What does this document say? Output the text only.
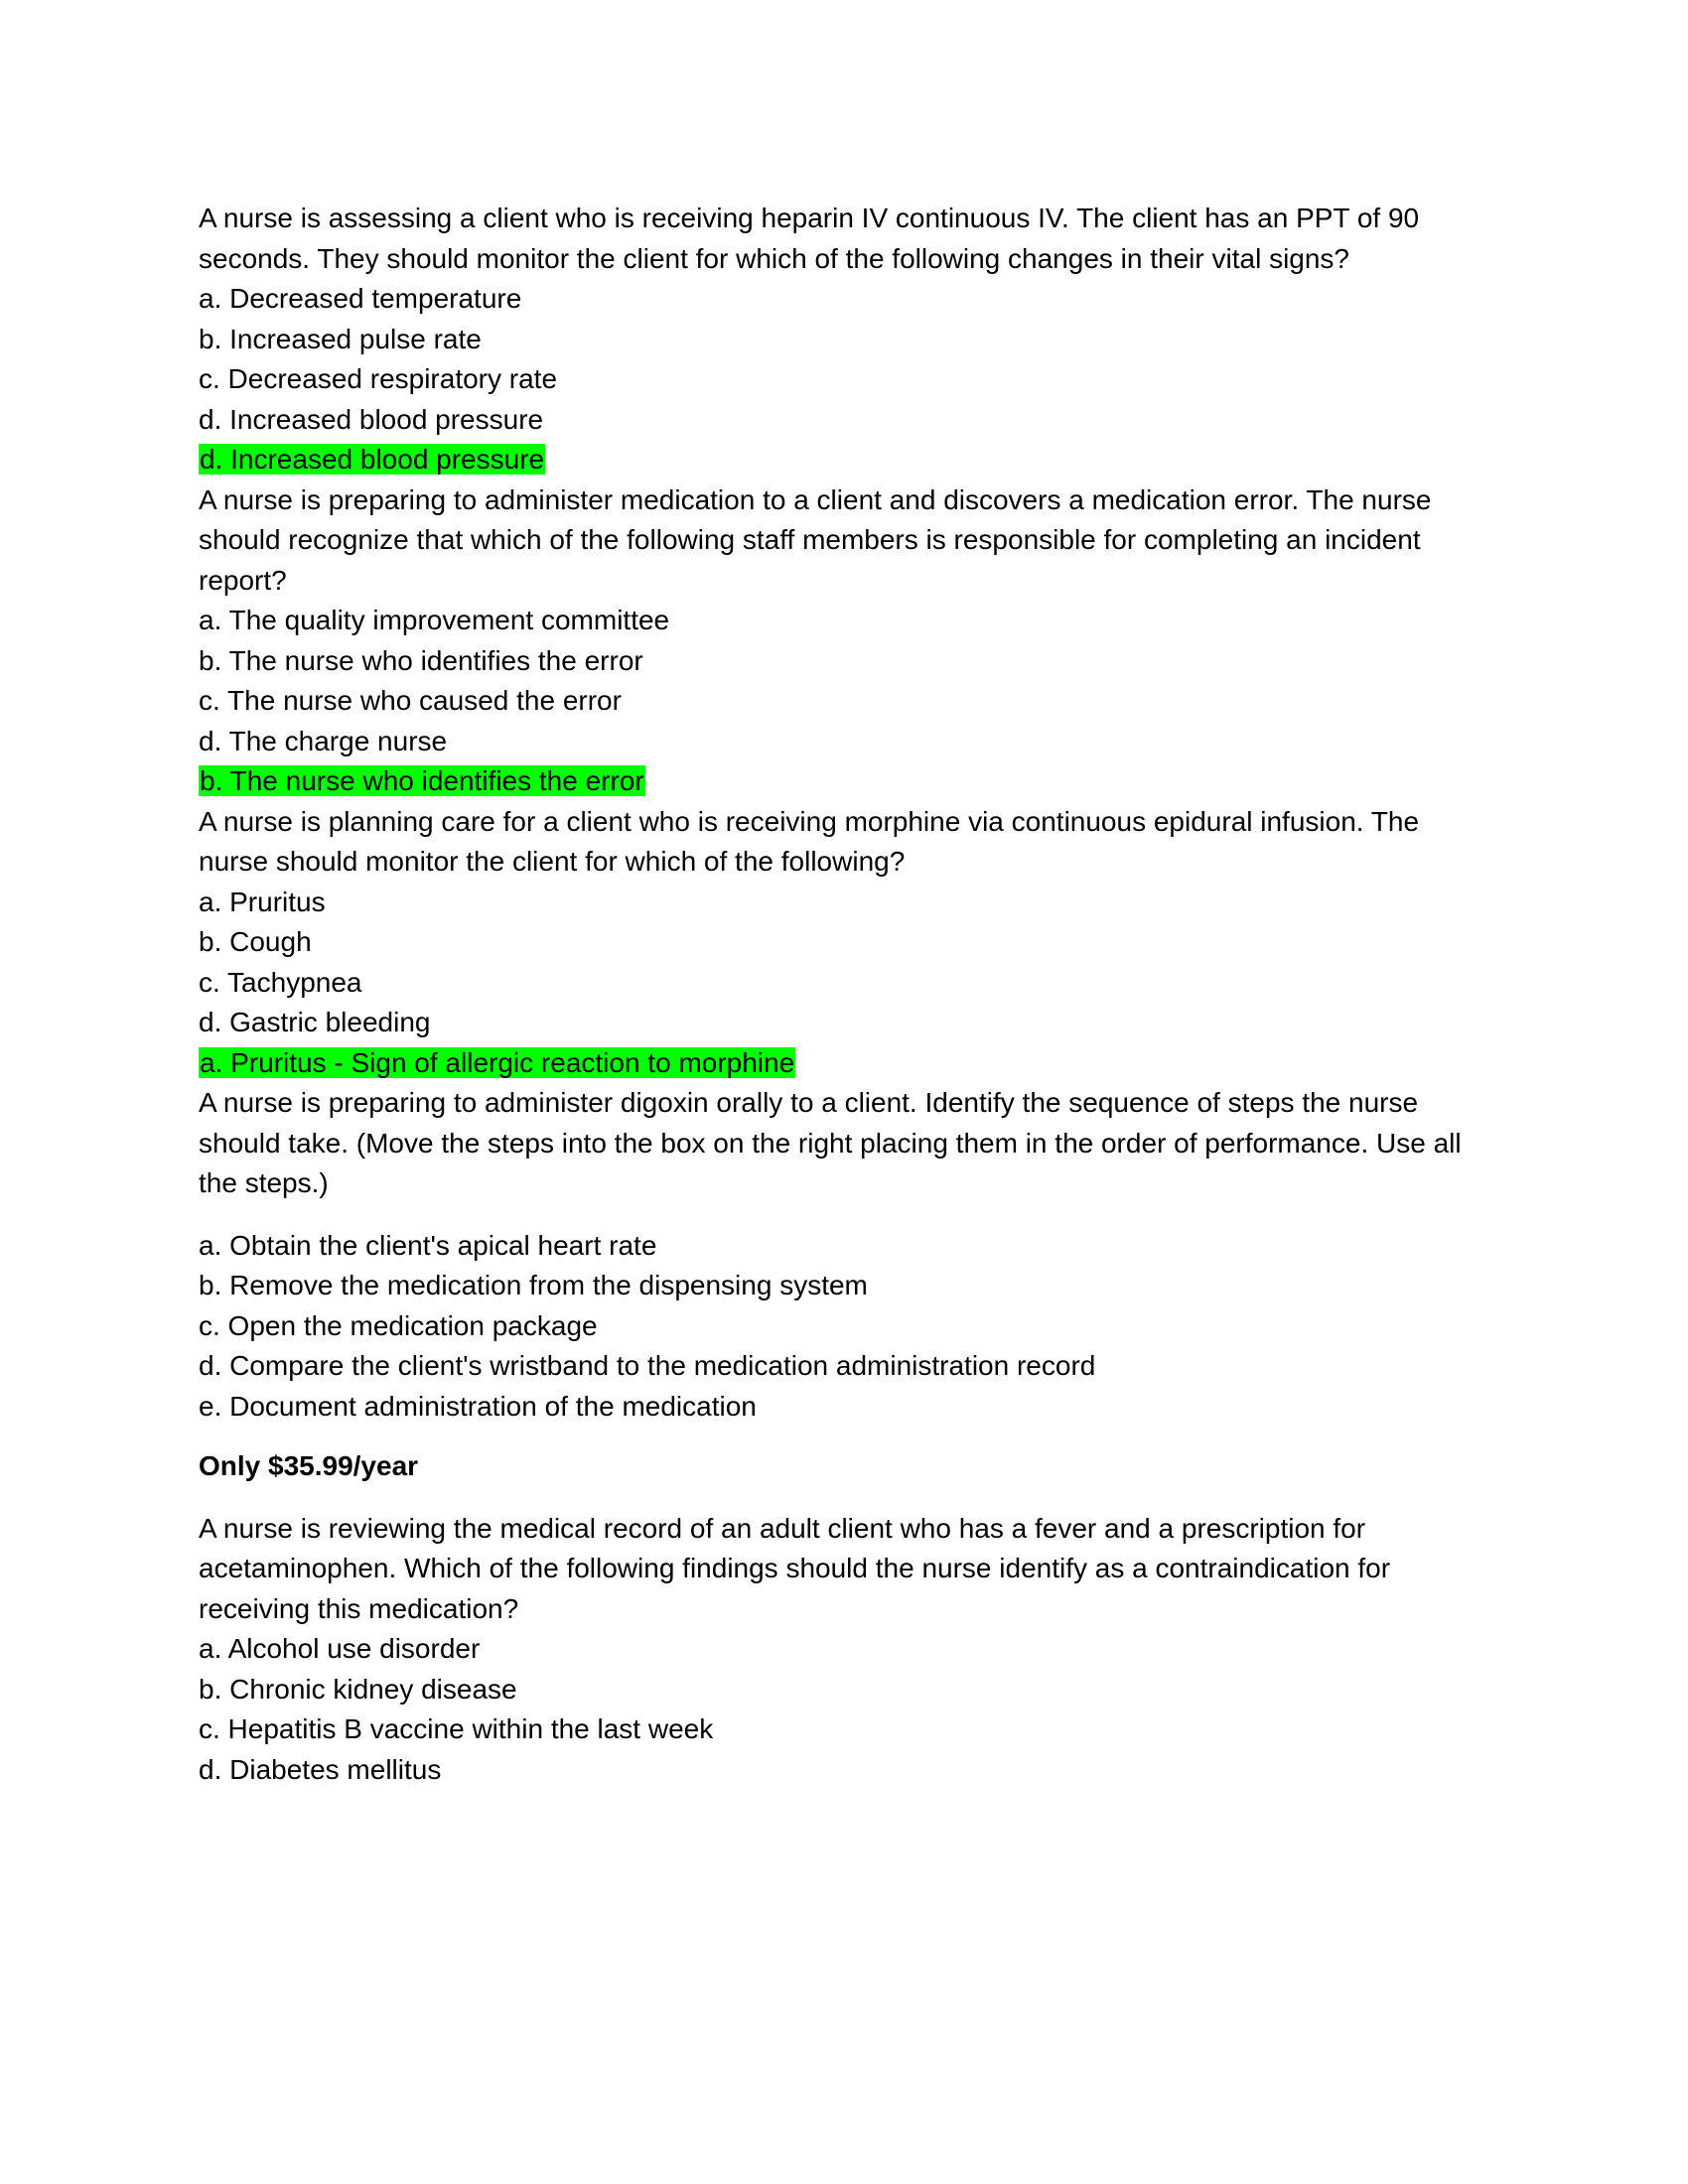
A nurse is assessing a client who is receiving heparin IV continuous IV. The client has an PPT of 90 seconds. They should monitor the client for which of the following changes in their vital signs?

a. Decreased temperature
b. Increased pulse rate
c. Decreased respiratory rate
d. Increased blood pressure

d. Increased blood pressure

A nurse is preparing to administer medication to a client and discovers a medication error. The nurse should recognize that which of the following staff members is responsible for completing an incident report?

a. The quality improvement committee
b. The nurse who identifies the error
c. The nurse who caused the error
d. The charge nurse

b. The nurse who identifies the error

A nurse is planning care for a client who is receiving morphine via continuous epidural infusion. The nurse should monitor the client for which of the following?

a. Pruritus
b. Cough
c. Tachypnea
d. Gastric bleeding

a. Pruritus - Sign of allergic reaction to morphine

A nurse is preparing to administer digoxin orally to a client. Identify the sequence of steps the nurse should take. (Move the steps into the box on the right placing them in the order of performance. Use all the steps.)

a. Obtain the client's apical heart rate
b. Remove the medication from the dispensing system
c. Open the medication package
d. Compare the client's wristband to the medication administration record
e. Document administration of the medication

Only $35.99/year

A nurse is reviewing the medical record of an adult client who has a fever and a prescription for acetaminophen. Which of the following findings should the nurse identify as a contraindication for receiving this medication?

a. Alcohol use disorder
b. Chronic kidney disease
c. Hepatitis B vaccine within the last week
d. Diabetes mellitus
